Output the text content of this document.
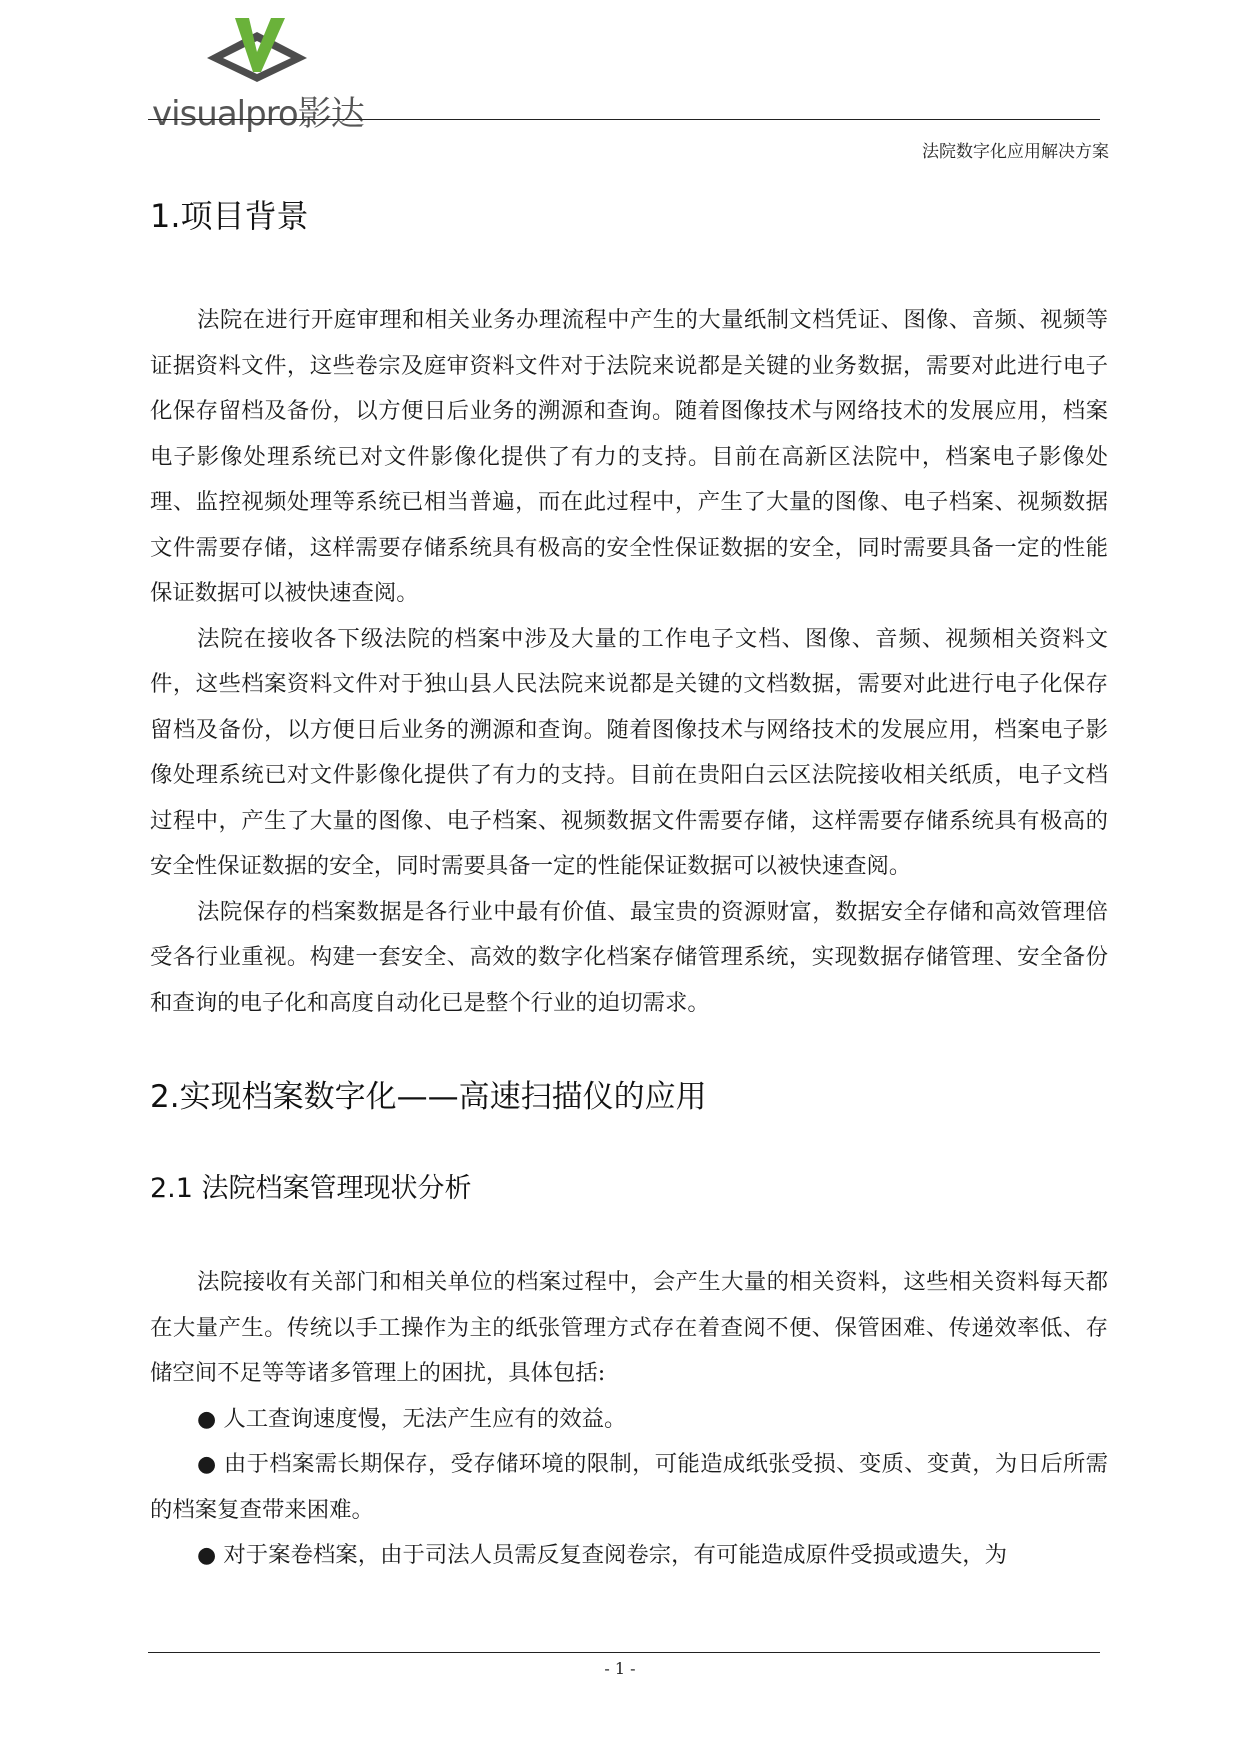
visualpro影达
法院数字化应用解决方案
1.项目背景

法院在进行开庭审理和相关业务办理流程中产生的大量纸制文档凭证、图像、音频、视频等证据资料文件，这些卷宗及庭审资料文件对于法院来说都是关键的业务数据，需要对此进行电子化保存留档及备份，以方便日后业务的溯源和查询。随着图像技术与网络技术的发展应用，档案电子影像处理系统已对文件影像化提供了有力的支持。目前在高新区法院中，档案电子影像处理、监控视频处理等系统已相当普遍，而在此过程中，产生了大量的图像、电子档案、视频数据文件需要存储，这样需要存储系统具有极高的安全性保证数据的安全，同时需要具备一定的性能保证数据可以被快速查阅。

法院在接收各下级法院的档案中涉及大量的工作电子文档、图像、音频、视频相关资料文件，这些档案资料文件对于独山县人民法院来说都是关键的文档数据，需要对此进行电子化保存留档及备份，以方便日后业务的溯源和查询。随着图像技术与网络技术的发展应用，档案电子影像处理系统已对文件影像化提供了有力的支持。目前在贵阳白云区法院接收相关纸质，电子文档过程中，产生了大量的图像、电子档案、视频数据文件需要存储，这样需要存储系统具有极高的安全性保证数据的安全，同时需要具备一定的性能保证数据可以被快速查阅。

法院保存的档案数据是各行业中最有价值、最宝贵的资源财富，数据安全存储和高效管理倍受各行业重视。构建一套安全、高效的数字化档案存储管理系统，实现数据存储管理、安全备份和查询的电子化和高度自动化已是整个行业的迫切需求。

2.实现档案数字化——高速扫描仪的应用
2.1 法院档案管理现状分析

法院接收有关部门和相关单位的档案过程中，会产生大量的相关资料，这些相关资料每天都在大量产生。传统以手工操作为主的纸张管理方式存在着查阅不便、保管困难、传递效率低、存储空间不足等等诸多管理上的困扰，具体包括:

● 人工查询速度慢，无法产生应有的效益。

● 由于档案需长期保存，受存储环境的限制，可能造成纸张受损、变质、变黄，为日后所需的档案复查带来困难。

● 对于案卷档案，由于司法人员需反复查阅卷宗，有可能造成原件受损或遗失，为

- 1 -
